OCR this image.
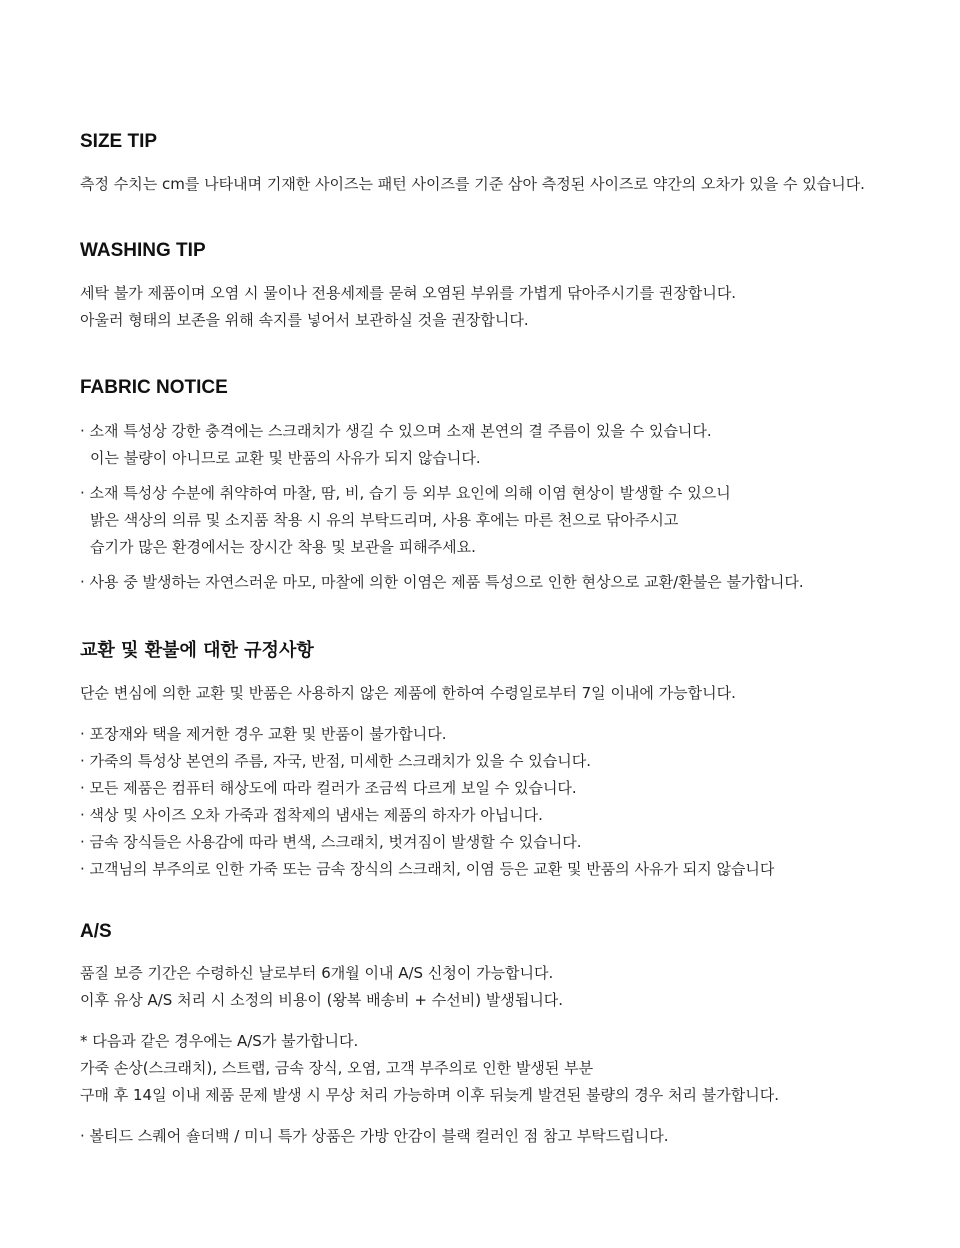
SIZE TIP

측정 수치는 cm를 나타내며 기재한 사이즈는 패턴 사이즈를 기준 삼아 측정된 사이즈로 약간의 오차가 있을 수 있습니다.

WASHING TIP

세탁 불가 제품이며 오염 시 물이나 전용세제를 묻혀 오염된 부위를 가볍게 닦아주시기를 권장합니다.
아울러 형태의 보존을 위해 속지를 넣어서 보관하실 것을 권장합니다.

FABRIC NOTICE

· 소재 특성상 강한 충격에는 스크래치가 생길 수 있으며 소재 본연의 결 주름이 있을 수 있습니다.
이는 불량이 아니므로 교환 및 반품의 사유가 되지 않습니다.

· 소재 특성상 수분에 취약하여 마찰, 땀, 비, 습기 등 외부 요인에 의해 이염 현상이 발생할 수 있으니
밝은 색상의 의류 및 소지품 착용 시 유의 부탁드리며, 사용 후에는 마른 천으로 닦아주시고
습기가 많은 환경에서는 장시간 착용 및 보관을 피해주세요.

· 사용 중 발생하는 자연스러운 마모, 마찰에 의한 이염은 제품 특성으로 인한 현상으로 교환/환불은 불가합니다.

교환 및 환불에 대한 규정사항

단순 변심에 의한 교환 및 반품은 사용하지 않은 제품에 한하여 수령일로부터 7일 이내에 가능합니다.

· 포장재와 택을 제거한 경우 교환 및 반품이 불가합니다.
· 가죽의 특성상 본연의 주름, 자국, 반점, 미세한 스크래치가 있을 수 있습니다.
· 모든 제품은 컴퓨터 해상도에 따라 컬러가 조금씩 다르게 보일 수 있습니다.
· 색상 및 사이즈 오차 가죽과 접착제의 냄새는 제품의 하자가 아닙니다.
· 금속 장식들은 사용감에 따라 변색, 스크래치, 벗겨짐이 발생할 수 있습니다.
· 고객님의 부주의로 인한 가죽 또는 금속 장식의 스크래치, 이염 등은 교환 및 반품의 사유가 되지 않습니다

A/S

품질 보증 기간은 수령하신 날로부터 6개월 이내 A/S 신청이 가능합니다.
이후 유상 A/S 처리 시 소정의 비용이 (왕복 배송비 + 수선비) 발생됩니다.

* 다음과 같은 경우에는 A/S가 불가합니다.
가죽 손상(스크래치), 스트랩, 금속 장식, 오염, 고객 부주의로 인한 발생된 부분
구매 후 14일 이내 제품 문제 발생 시 무상 처리 가능하며 이후 뒤늦게 발견된 불량의 경우 처리 불가합니다.

· 볼티드 스퀘어 숄더백 / 미니 특가 상품은 가방 안감이 블랙 컬러인 점 참고 부탁드립니다.
